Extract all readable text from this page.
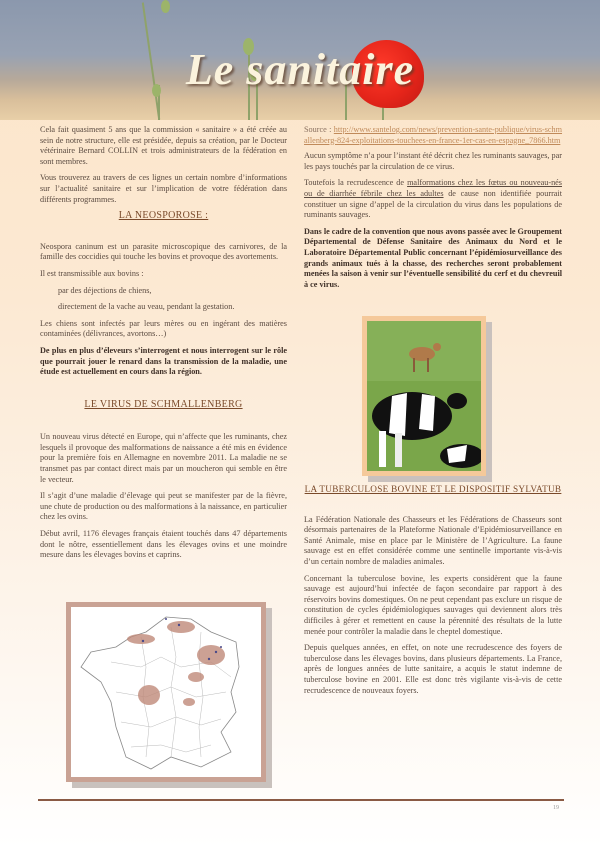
Le sanitaire

Cela fait quasiment 5 ans que la commission « sanitaire » a été créée au sein de notre structure, elle est présidée, depuis sa création, par le Docteur vétérinaire Bernard COLLIN et trois administrateurs de la fédération en sont membres.

Vous trouverez au travers de ces lignes un certain nombre d’informations sur l’actualité sanitaire et sur l’implication de votre fédération dans différents programmes.

LA NEOSPOROSE :

Neospora caninum est un parasite microscopique des carnivores, de la famille des coccidies qui touche les bovins et provoque des avortements.

Il est transmissible aux bovins :

par des déjections de chiens,

directement de la vache au veau, pendant la gestation.

Les chiens sont infectés par leurs mères ou en ingérant des matières contaminées (délivrances, avortons…)

De plus en plus d’éleveurs s’interrogent et nous interrogent sur le rôle que pourrait jouer le renard dans la transmission de la maladie, une étude est actuellement en cours dans la région.

LE VIRUS DE SCHMALLENBERG

Un nouveau virus détecté en Europe, qui n’affecte que les ruminants, chez lesquels il provoque des malformations de naissance a été mis en évidence pour la première fois en Allemagne en novembre 2011. La maladie ne se transmet pas par contact direct mais par un moucheron qui semble en être le vecteur.

Il s’agit d’une maladie d’élevage qui peut se manifester par de la fièvre, une chute de production ou des malformations à la naissance, en particulier chez les ovins.

Début avril, 1176 élevages français étaient touchés dans 47 départements dont le nôtre, essentiellement dans les élevages ovins et une moindre mesure dans les élevages bovins et caprins.

Source : http://www.santelog.com/news/prevention-sante-publique/virus-schmallenberg-824-exploitations-touchees-en-france-1er-cas-en-espagne_7866.htm

Aucun symptôme n’a pour l’instant été décrit chez les ruminants sauvages, par les pays touchés par la circulation de ce virus.

Toutefois la recrudescence de malformations chez les fœtus ou nouveau-nés ou de diarrhée fébrile chez les adultes de cause non identifiée pourrait constituer un signe d’appel de la circulation du virus dans les populations de ruminants sauvages.

Dans le cadre de la convention que nous avons passée avec le Groupement Départemental de Défense Sanitaire des Animaux du Nord et le Laboratoire Départemental Public concernant l’épidémiosurveillance des grands animaux tués à la chasse, des recherches seront probablement menées la saison à venir sur l’éventuelle sensibilité du cerf et du chevreuil à ce virus.

LA TUBERCULOSE BOVINE ET LE DISPOSITIF SYLVATUB

La Fédération Nationale des Chasseurs et les Fédérations de Chasseurs sont désormais partenaires de la Plateforme Nationale d’Epidémiosurveillance en Santé Animale, mise en place par le Ministère de l’Agriculture. La faune sauvage est en effet considérée comme une sentinelle importante vis-à-vis d’un certain nombre de maladies animales.

Concernant la tuberculose bovine, les experts considèrent que la faune sauvage est aujourd’hui infectée de façon secondaire par rapport à des réservoirs bovins domestiques. On ne peut cependant pas exclure un risque de constitution de cycles épidémiologiques sauvages qui deviennent alors très difficiles à gérer et remettent en cause la pérennité des résultats de la lutte menée pour contrôler la maladie dans le cheptel domestique.

Depuis quelques années, en effet, on note une recrudescence des foyers de tuberculose dans les élevages bovins, dans plusieurs départements. La France, après de longues années de lutte sanitaire, a acquis le statut indemne de tuberculose bovine en 2001. Elle est donc très vigilante vis-à-vis de cette recrudescence de nouveaux foyers.

19
